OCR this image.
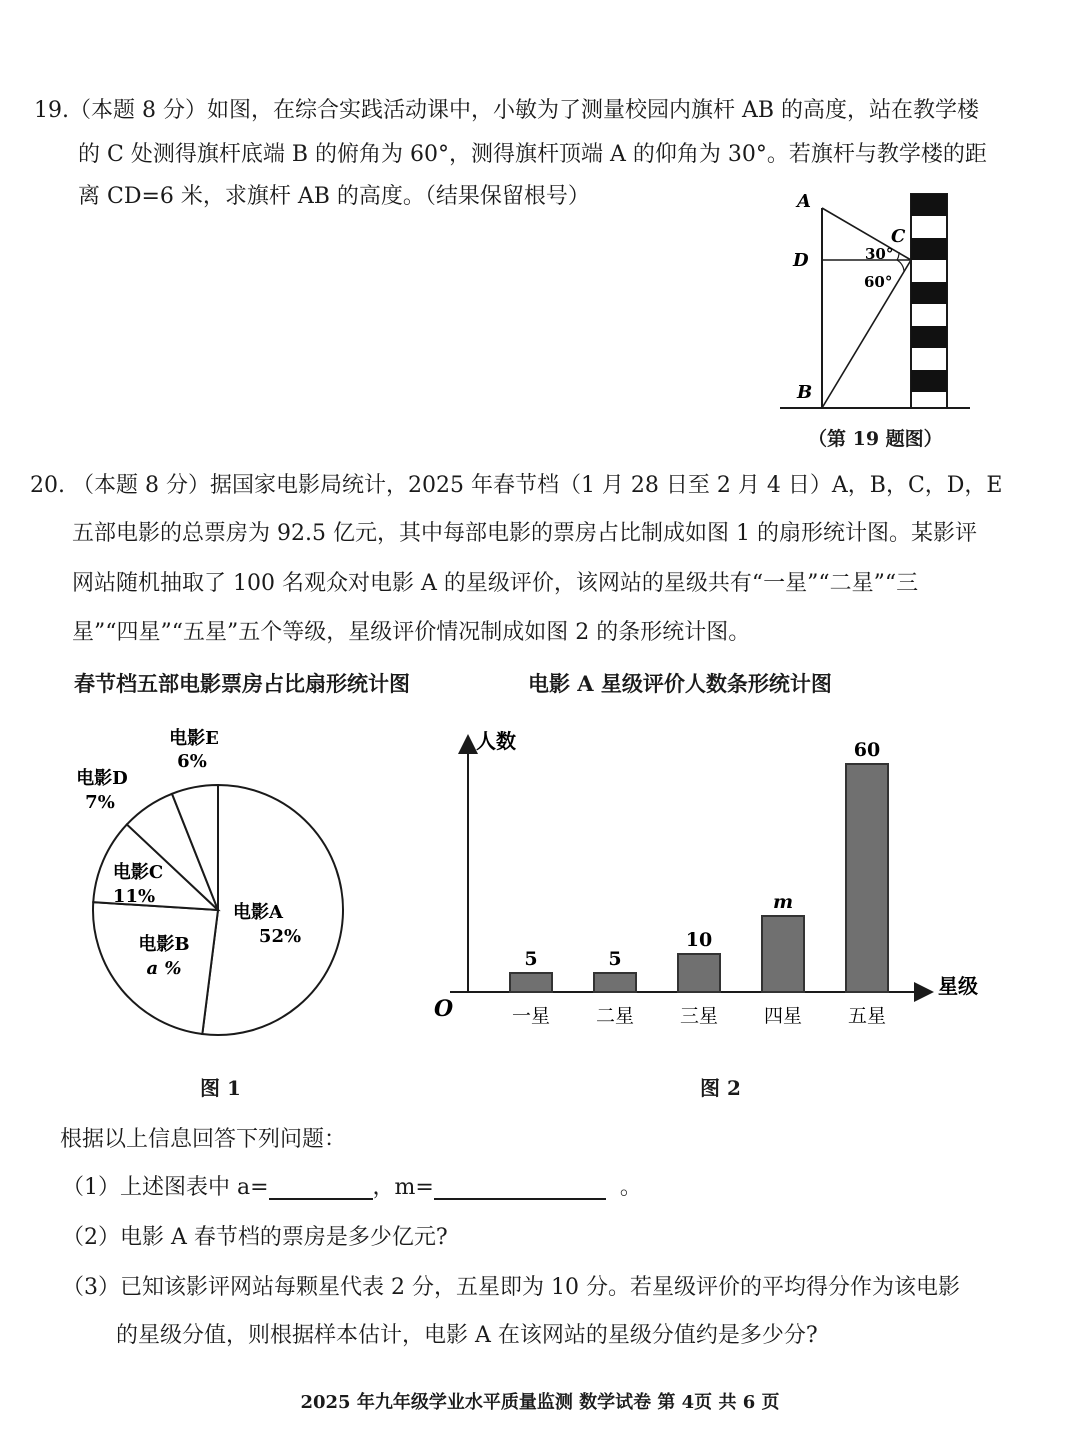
19.（本题 8 分）如图，在综合实践活动课中，小敏为了测量校园内旗杆 AB 的高度，站在教学楼
的 C 处测得旗杆底端 B 的俯角为 60°，测得旗杆顶端 A 的仰角为 30°。若旗杆与教学楼的距
离 CD=6 米，求旗杆 AB 的高度。（结果保留根号）	A
D
B
C
30°
60°
（第 19 题图）
20. （本题 8 分）据国家电影局统计，2025 年春节档（1 月 28 日至 2 月 4 日）A，B，C，D，E
五部电影的总票房为 92.5 亿元，其中每部电影的票房占比制成如图 1 的扇形统计图。某影评
网站随机抽取了 100 名观众对电影 A 的星级评价，该网站的星级共有“一星”“二星”“三
星”“四星”“五星”五个等级，星级评价情况制成如图 2 的条形统计图。
春节档五部电影票房占比扇形统计图	电影 A 星级评价人数条形统计图
电影A
52%
电影B
a %
电影C
11%
电影D
7%
电影E
6%
图 1
人数
星级
O
5
一星
5
二星
10
三星
m
四星
60
五星
图 2
根据以上信息回答下列问题：
（1）上述图表中 a=	，m=	。
（2）电影 A 春节档的票房是多少亿元?
（3）已知该影评网站每颗星代表 2 分，五星即为 10 分。若星级评价的平均得分作为该电影
的星级分值，则根据样本估计，电影 A 在该网站的星级分值约是多少分?
2025 年九年级学业水平质量监测 数学试卷 第 4页 共 6 页
